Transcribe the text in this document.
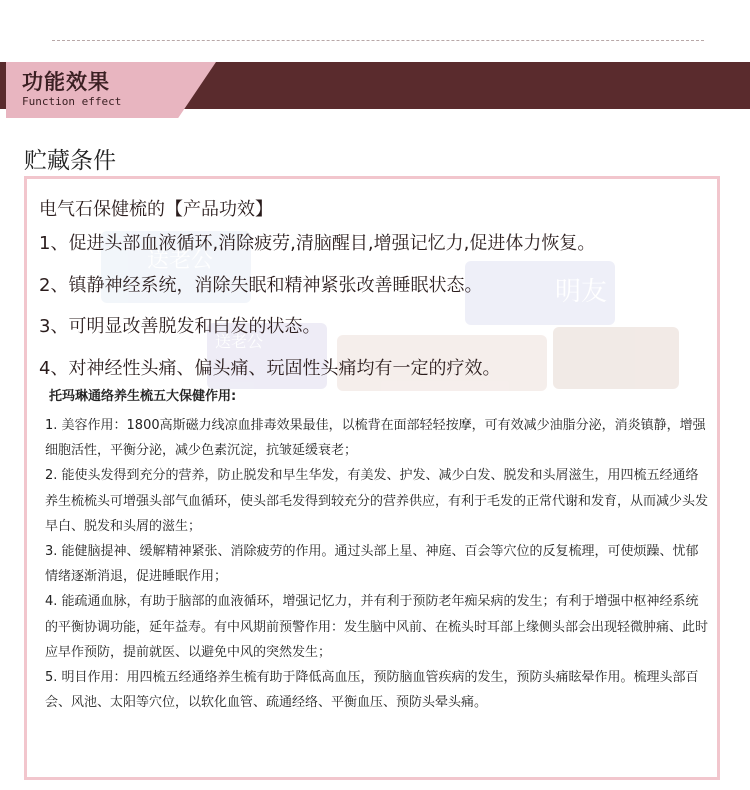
功能效果
Function effect
贮藏条件
送老公
明友
送老公
电气石保健梳的【产品功效】
1、促进头部血液循环,消除疲劳,清脑醒目,增强记忆力,促进体力恢复。
2、镇静神经系统，消除失眠和精神紧张改善睡眠状态。
3、可明显改善脱发和白发的状态。
4、对神经性头痛、偏头痛、玩固性头痛均有一定的疗效。
托玛琳通络养生梳五大保健作用:

1. 美容作用：1800高斯磁力线凉血排毒效果最佳，以梳背在面部轻轻按摩，可有效减少油脂分泌，消炎镇静，增强细胞活性，平衡分泌，减少色素沉淀，抗皱延缓衰老；

2. 能使头发得到充分的营养，防止脱发和早生华发，有美发、护发、减少白发、脱发和头屑滋生，用四梳五经通络养生梳梳头可增强头部气血循环，使头部毛发得到较充分的营养供应，有利于毛发的正常代谢和发育，从而减少头发早白、脱发和头屑的滋生；

3. 能健脑提神、缓解精神紧张、消除疲劳的作用。通过头部上星、神庭、百会等穴位的反复梳理，可使烦躁、忧郁情绪逐渐消退，促进睡眠作用；

4. 能疏通血脉，有助于脑部的血液循环，增强记忆力，并有利于预防老年痴呆病的发生；有利于增强中枢神经系统的平衡协调功能，延年益寿。有中风期前预警作用：发生脑中风前、在梳头时耳部上缘侧头部会出现轻微肿痛、此时应早作预防，提前就医、以避免中风的突然发生；

5. 明目作用：用四梳五经通络养生梳有助于降低高血压，预防脑血管疾病的发生，预防头痛眩晕作用。梳理头部百会、风池、太阳等穴位，以软化血管、疏通经络、平衡血压、预防头晕头痛。
